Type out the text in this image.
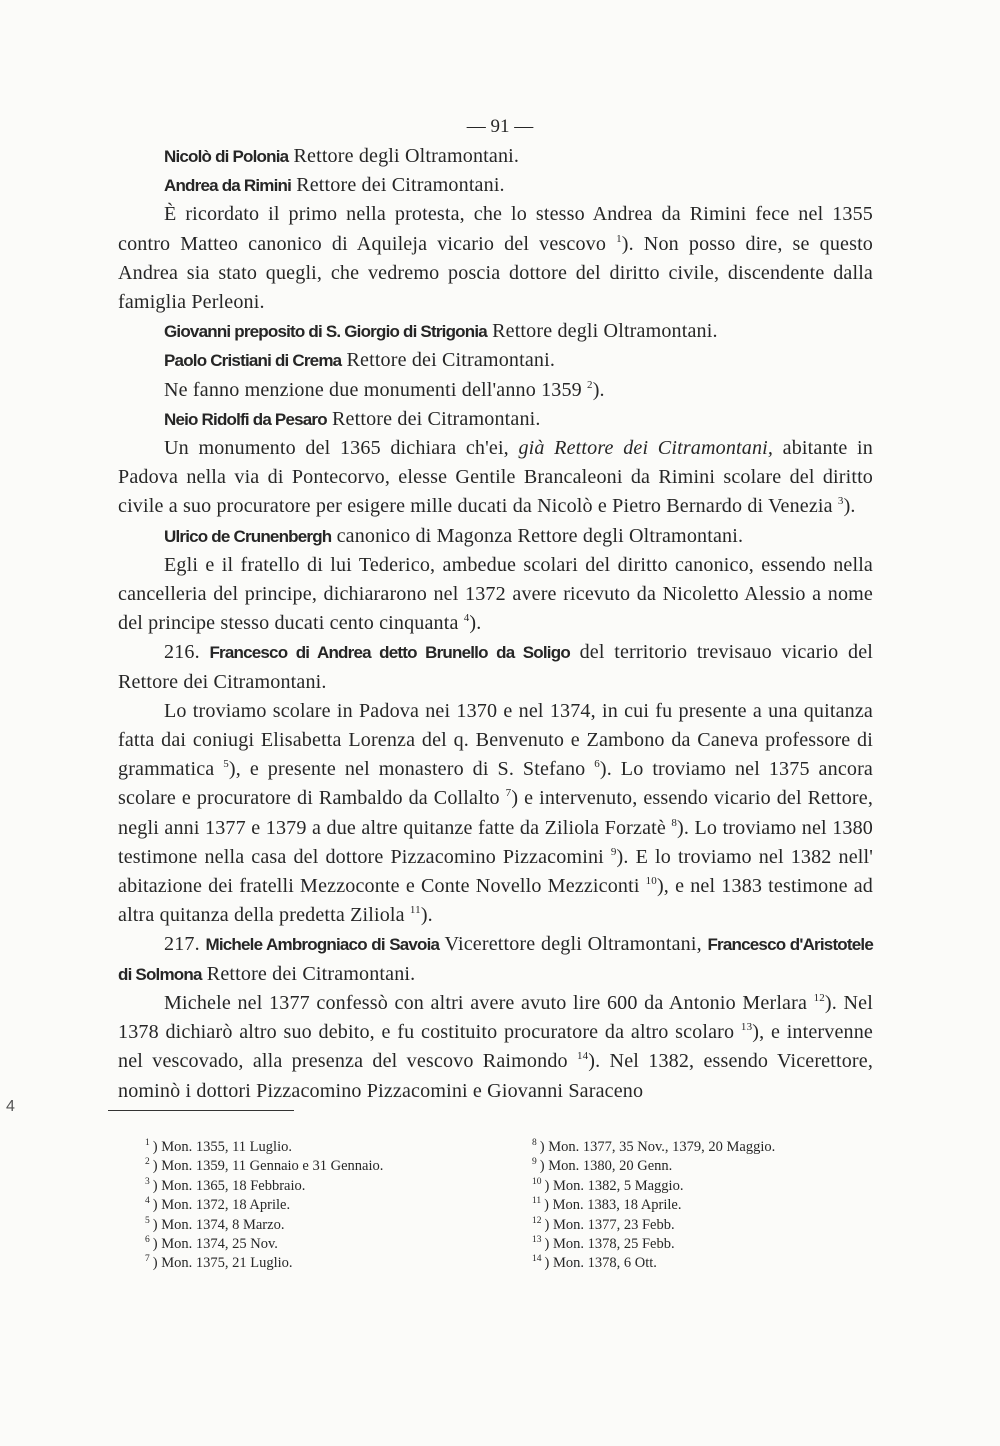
— 91 —

Nicolò di Polonia Rettore degli Oltramontani.

Andrea da Rimini Rettore dei Citramontani.

È ricordato il primo nella protesta, che lo stesso Andrea da Rimini fece nel 1355 contro Matteo canonico di Aquileja vicario del vescovo $^1$). Non posso dire, se questo Andrea sia stato quegli, che vedremo poscia dottore del diritto civile, discendente dalla famiglia Perleoni.

Giovanni preposito di S. Giorgio di Strigonia Rettore degli Oltramontani.

Paolo Cristiani di Crema Rettore dei Citramontani.

Ne fanno menzione due monumenti dell'anno 1359 $^2$).

Neio Ridolfi da Pesaro Rettore dei Citramontani.

Un monumento del 1365 dichiara ch'ei, già Rettore dei Citramontani, abitante in Padova nella via di Pontecorvo, elesse Gentile Brancaleoni da Rimini scolare del diritto civile a suo procuratore per esigere mille ducati da Nicolò e Pietro Bernardo di Venezia $^3$).

Ulrico de Crunenbergh canonico di Magonza Rettore degli Oltramontani.

Egli e il fratello di lui Tederico, ambedue scolari del diritto canonico, essendo nella cancelleria del principe, dichiararono nel 1372 avere ricevuto da Nicoletto Alessio a nome del principe stesso ducati cento cinquanta $^4$).

216. Francesco di Andrea detto Brunello da Soligo del territorio trevisauo vicario del Rettore dei Citramontani.

Lo troviamo scolare in Padova nei 1370 e nel 1374, in cui fu presente a una quitanza fatta dai coniugi Elisabetta Lorenza del q. Benvenuto e Zambono da Caneva professore di grammatica $^5$), e presente nel monastero di S. Stefano $^6$). Lo troviamo nel 1375 ancora scolare e procuratore di Rambaldo da Collalto $^7$) e intervenuto, essendo vicario del Rettore, negli anni 1377 e 1379 a due altre quitanze fatte da Ziliola Forzatè $^8$). Lo troviamo nel 1380 testimone nella casa del dottore Pizzacomino Pizzacomini $^9$). E lo troviamo nel 1382 nell' abitazione dei fratelli Mezzoconte e Conte Novello Mezziconti $^{10}$), e nel 1383 testimone ad altra quitanza della predetta Ziliola $^{11}$).

217. Michele Ambrogniaco di Savoia Vicerettore degli Oltramontani, Francesco d'Aristotele di Solmona Rettore dei Citramontani.

Michele nel 1377 confessò con altri avere avuto lire 600 da Antonio Merlara $^{12}$). Nel 1378 dichiarò altro suo debito, e fu costituito procuratore da altro scolaro $^{13}$), e intervenne nel vescovado, alla presenza del vescovo Raimondo $^{14}$). Nel 1382, essendo Vicerettore, nominò i dottori Pizzacomino Pizzacomini e Giovanni Saraceno

4
$^1$ ) Mon. 1355, 11 Luglio.
$^2$ ) Mon. 1359, 11 Gennaio e 31 Gennaio.
$^3$ ) Mon. 1365, 18 Febbraio.
$^4$ ) Mon. 1372, 18 Aprile.
$^5$ ) Mon. 1374, 8 Marzo.
$^6$ ) Mon. 1374, 25 Nov.
$^7$ ) Mon. 1375, 21 Luglio.
$^8$ ) Mon. 1377, 35 Nov., 1379, 20 Maggio.
$^9$ ) Mon. 1380, 20 Genn.
$^{10}$ ) Mon. 1382, 5 Maggio.
$^{11}$ ) Mon. 1383, 18 Aprile.
$^{12}$ ) Mon. 1377, 23 Febb.
$^{13}$ ) Mon. 1378, 25 Febb.
$^{14}$ ) Mon. 1378, 6 Ott.
